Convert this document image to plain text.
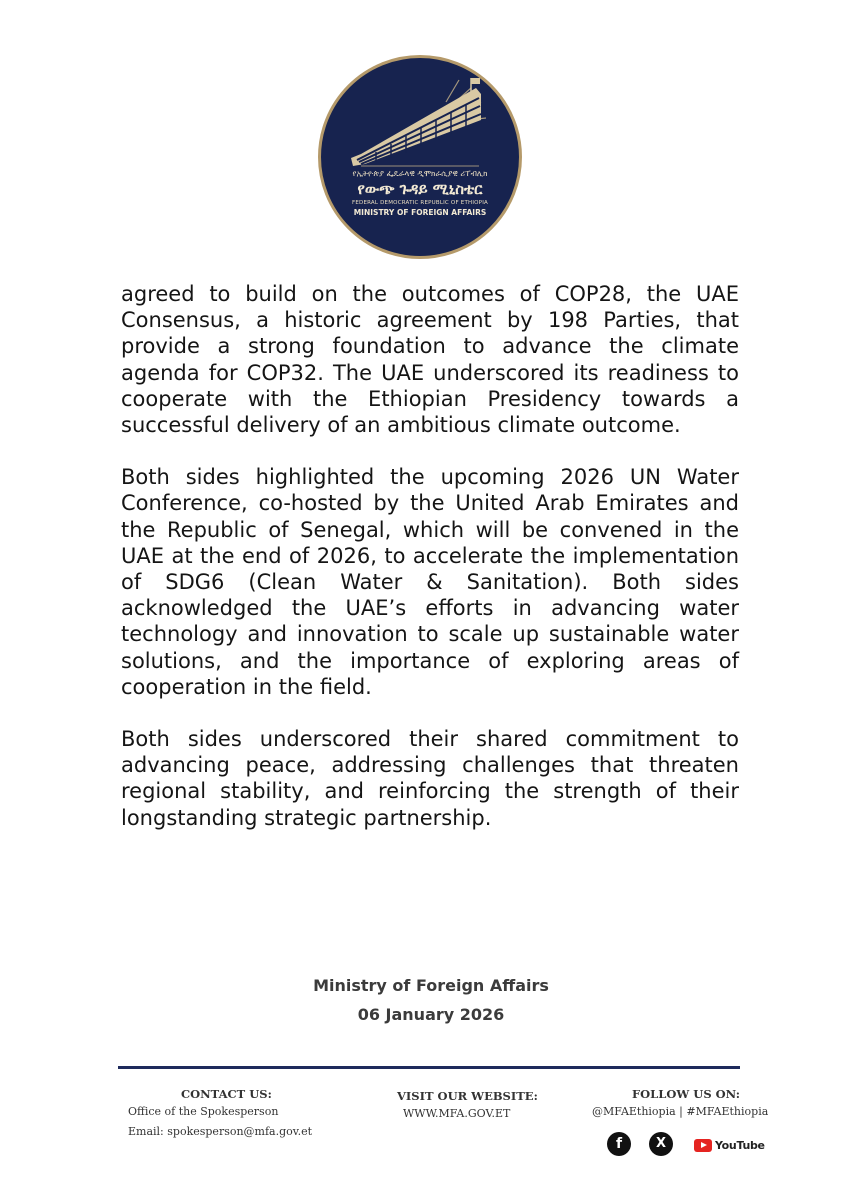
የኢትዮጵያ ፌዴራላዊ ዲሞክራሲያዊ ሪፐብሊክ
የውጭ ጉዳይ ሚኒስቴር
FEDERAL DEMOCRATIC REPUBLIC OF ETHIOPIA
MINISTRY OF FOREIGN AFFAIRS

agreed to build on the outcomes of COP28, the UAE Consensus, a historic agreement by 198 Parties, that provide a strong foundation to advance the climate agenda for COP32. The UAE underscored its readiness to cooperate with the Ethiopian Presidency towards a successful delivery of an ambitious climate outcome.

Both sides highlighted the upcoming 2026 UN Water Conference, co-hosted by the United Arab Emirates and the Republic of Senegal, which will be convened in the UAE at the end of 2026, to accelerate the implementation of SDG6 (Clean Water & Sanitation). Both sides acknowledged the UAE’s efforts in advancing water technology and innovation to scale up sustainable water solutions, and the importance of exploring areas of cooperation in the field.

Both sides underscored their shared commitment to advancing peace, addressing challenges that threaten regional stability, and reinforcing the strength of their longstanding strategic partnership.

Ministry of Foreign Affairs
06 January 2026
CONTACT US:
Office of the Spokesperson
Email: spokesperson@mfa.gov.et
VISIT OUR WEBSITE:
WWW.MFA.GOV.ET
FOLLOW US ON:
@MFAEthiopia | #MFAEthiopia
f	X	YouTube
